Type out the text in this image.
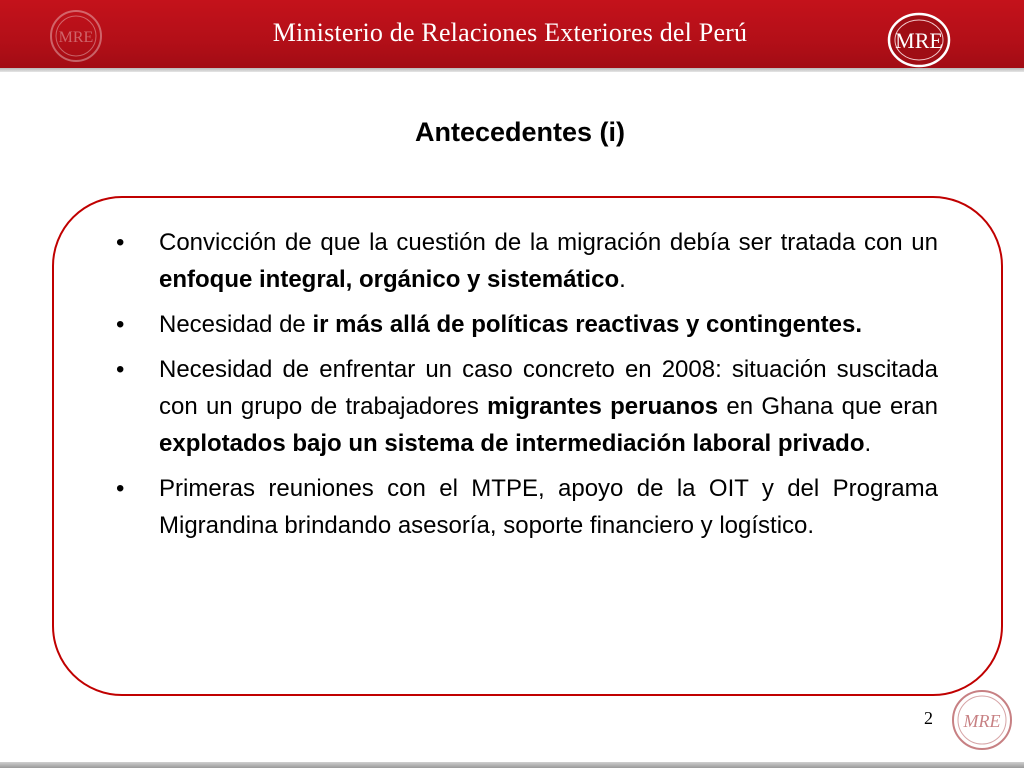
MRE	Ministerio de Relaciones Exteriores del Perú	MRE
Antecedentes (i)
• Convicción de que la cuestión de la migración debía ser tratada con un enfoque integral, orgánico y sistemático.
• Necesidad de ir más allá de políticas reactivas y contingentes.
• Necesidad de enfrentar un caso concreto en 2008: situación suscitada con un grupo de trabajadores migrantes peruanos en Ghana que eran explotados bajo un sistema de intermediación laboral privado.
• Primeras reuniones con el MTPE, apoyo de la OIT y del Programa Migrandina brindando asesoría, soporte financiero y logístico.
2 MRE
